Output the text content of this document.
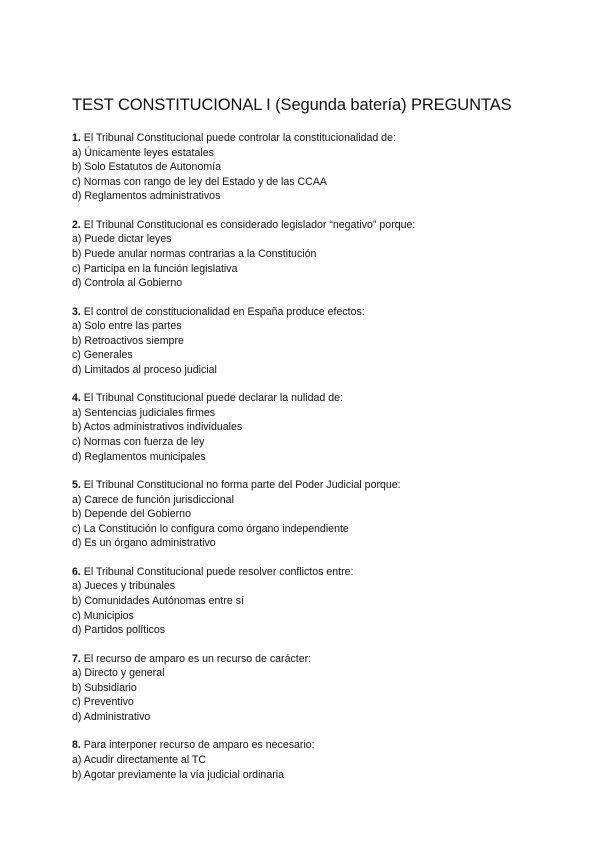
TEST CONSTITUCIONAL I (Segunda batería) PREGUNTAS
1. El Tribunal Constitucional puede controlar la constitucionalidad de:
a) Únicamente leyes estatales
b) Solo Estatutos de Autonomía
c) Normas con rango de ley del Estado y de las CCAA
d) Reglamentos administrativos
2. El Tribunal Constitucional es considerado legislador “negativo” porque:
a) Puede dictar leyes
b) Puede anular normas contrarias a la Constitución
c) Participa en la función legislativa
d) Controla al Gobierno
3. El control de constitucionalidad en España produce efectos:
a) Solo entre las partes
b) Retroactivos siempre
c) Generales
d) Limitados al proceso judicial
4. El Tribunal Constitucional puede declarar la nulidad de:
a) Sentencias judiciales firmes
b) Actos administrativos individuales
c) Normas con fuerza de ley
d) Reglamentos municipales
5. El Tribunal Constitucional no forma parte del Poder Judicial porque:
a) Carece de función jurisdiccional
b) Depende del Gobierno
c) La Constitución lo configura como órgano independiente
d) Es un órgano administrativo
6. El Tribunal Constitucional puede resolver conflictos entre:
a) Jueces y tribunales
b) Comunidades Autónomas entre sí
c) Municipios
d) Partidos políticos
7. El recurso de amparo es un recurso de carácter:
a) Directo y general
b) Subsidiario
c) Preventivo
d) Administrativo
8. Para interponer recurso de amparo es necesario:
a) Acudir directamente al TC
b) Agotar previamente la vía judicial ordinaria
